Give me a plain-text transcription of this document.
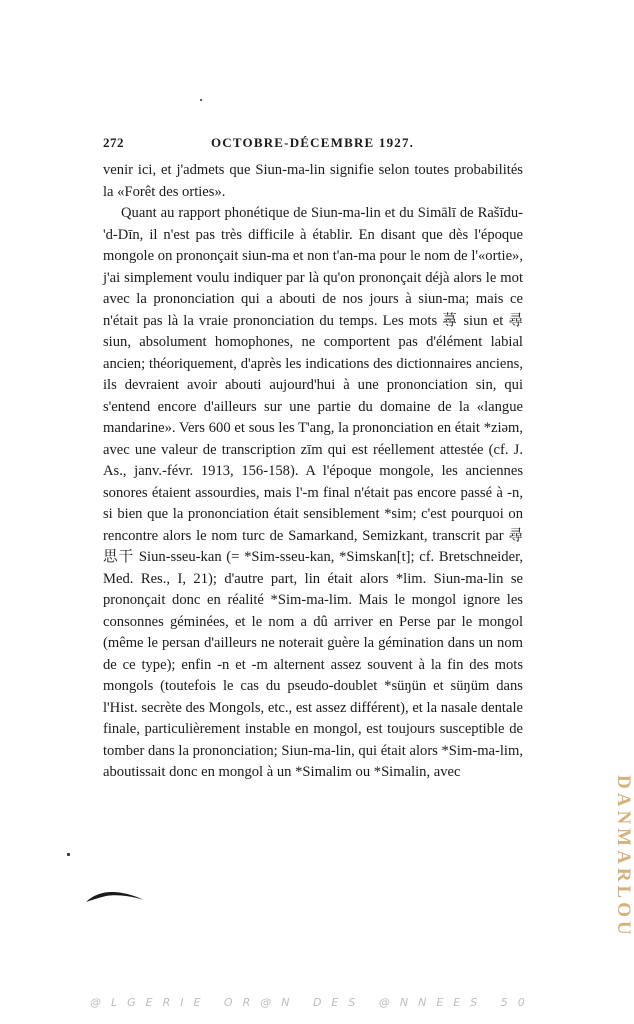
272	OCTOBRE-DÉCEMBRE 1927.

venir ici, et j'admets que Siun-ma-lin signifie selon toutes probabilités la «Forêt des orties».

Quant au rapport phonétique de Siun-ma-lin et du Simālī de Rašīdu-'d-Dīn, il n'est pas très difficile à établir. En disant que dès l'époque mongole on prononçait siun-ma et non t'an-ma pour le nom de l'«ortie», j'ai simplement voulu indiquer par là qu'on prononçait déjà alors le mot avec la prononciation qui a abouti de nos jours à siun-ma; mais ce n'était pas là la vraie prononciation du temps. Les mots 蕁 siun et 尋 siun, absolument homophones, ne comportent pas d'élément labial ancien; théoriquement, d'après les indications des dictionnaires anciens, ils devraient avoir abouti aujourd'hui à une prononciation sin, qui s'entend encore d'ailleurs sur une partie du domaine de la «langue mandarine». Vers 600 et sous les T'ang, la prononciation en était *ziəm, avec une valeur de transcription zīm qui est réellement attestée (cf. J. As., janv.-févr. 1913, 156-158). A l'époque mongole, les anciennes sonores étaient assourdies, mais l'-m final n'était pas encore passé à -n, si bien que la prononciation était sensiblement *sim; c'est pourquoi on rencontre alors le nom turc de Samarkand, Semizkant, transcrit par 尋思干 Siun-sseu-kan (= *Sim-sseu-kan, *Simskan[t]; cf. Bretschneider, Med. Res., I, 21); d'autre part, lin était alors *lim. Siun-ma-lin se prononçait donc en réalité *Sim-ma-lim. Mais le mongol ignore les consonnes géminées, et le nom a dû arriver en Perse par le mongol (même le persan d'ailleurs ne noterait guère la gémination dans un nom de ce type); enfin -n et -m alternent assez souvent à la fin des mots mongols (toutefois le cas du pseudo-doublet *süŋün et süŋüm dans l'Hist. secrète des Mongols, etc., est assez différent), et la nasale dentale finale, particulièrement instable en mongol, est toujours susceptible de tomber dans la prononciation; Siun-ma-lin, qui était alors *Sim-ma-lim, aboutissait donc en mongol à un *Simalim ou *Simalin, avec

DANMARLOU
@LGERIE OR@N DES @NNEES 50
